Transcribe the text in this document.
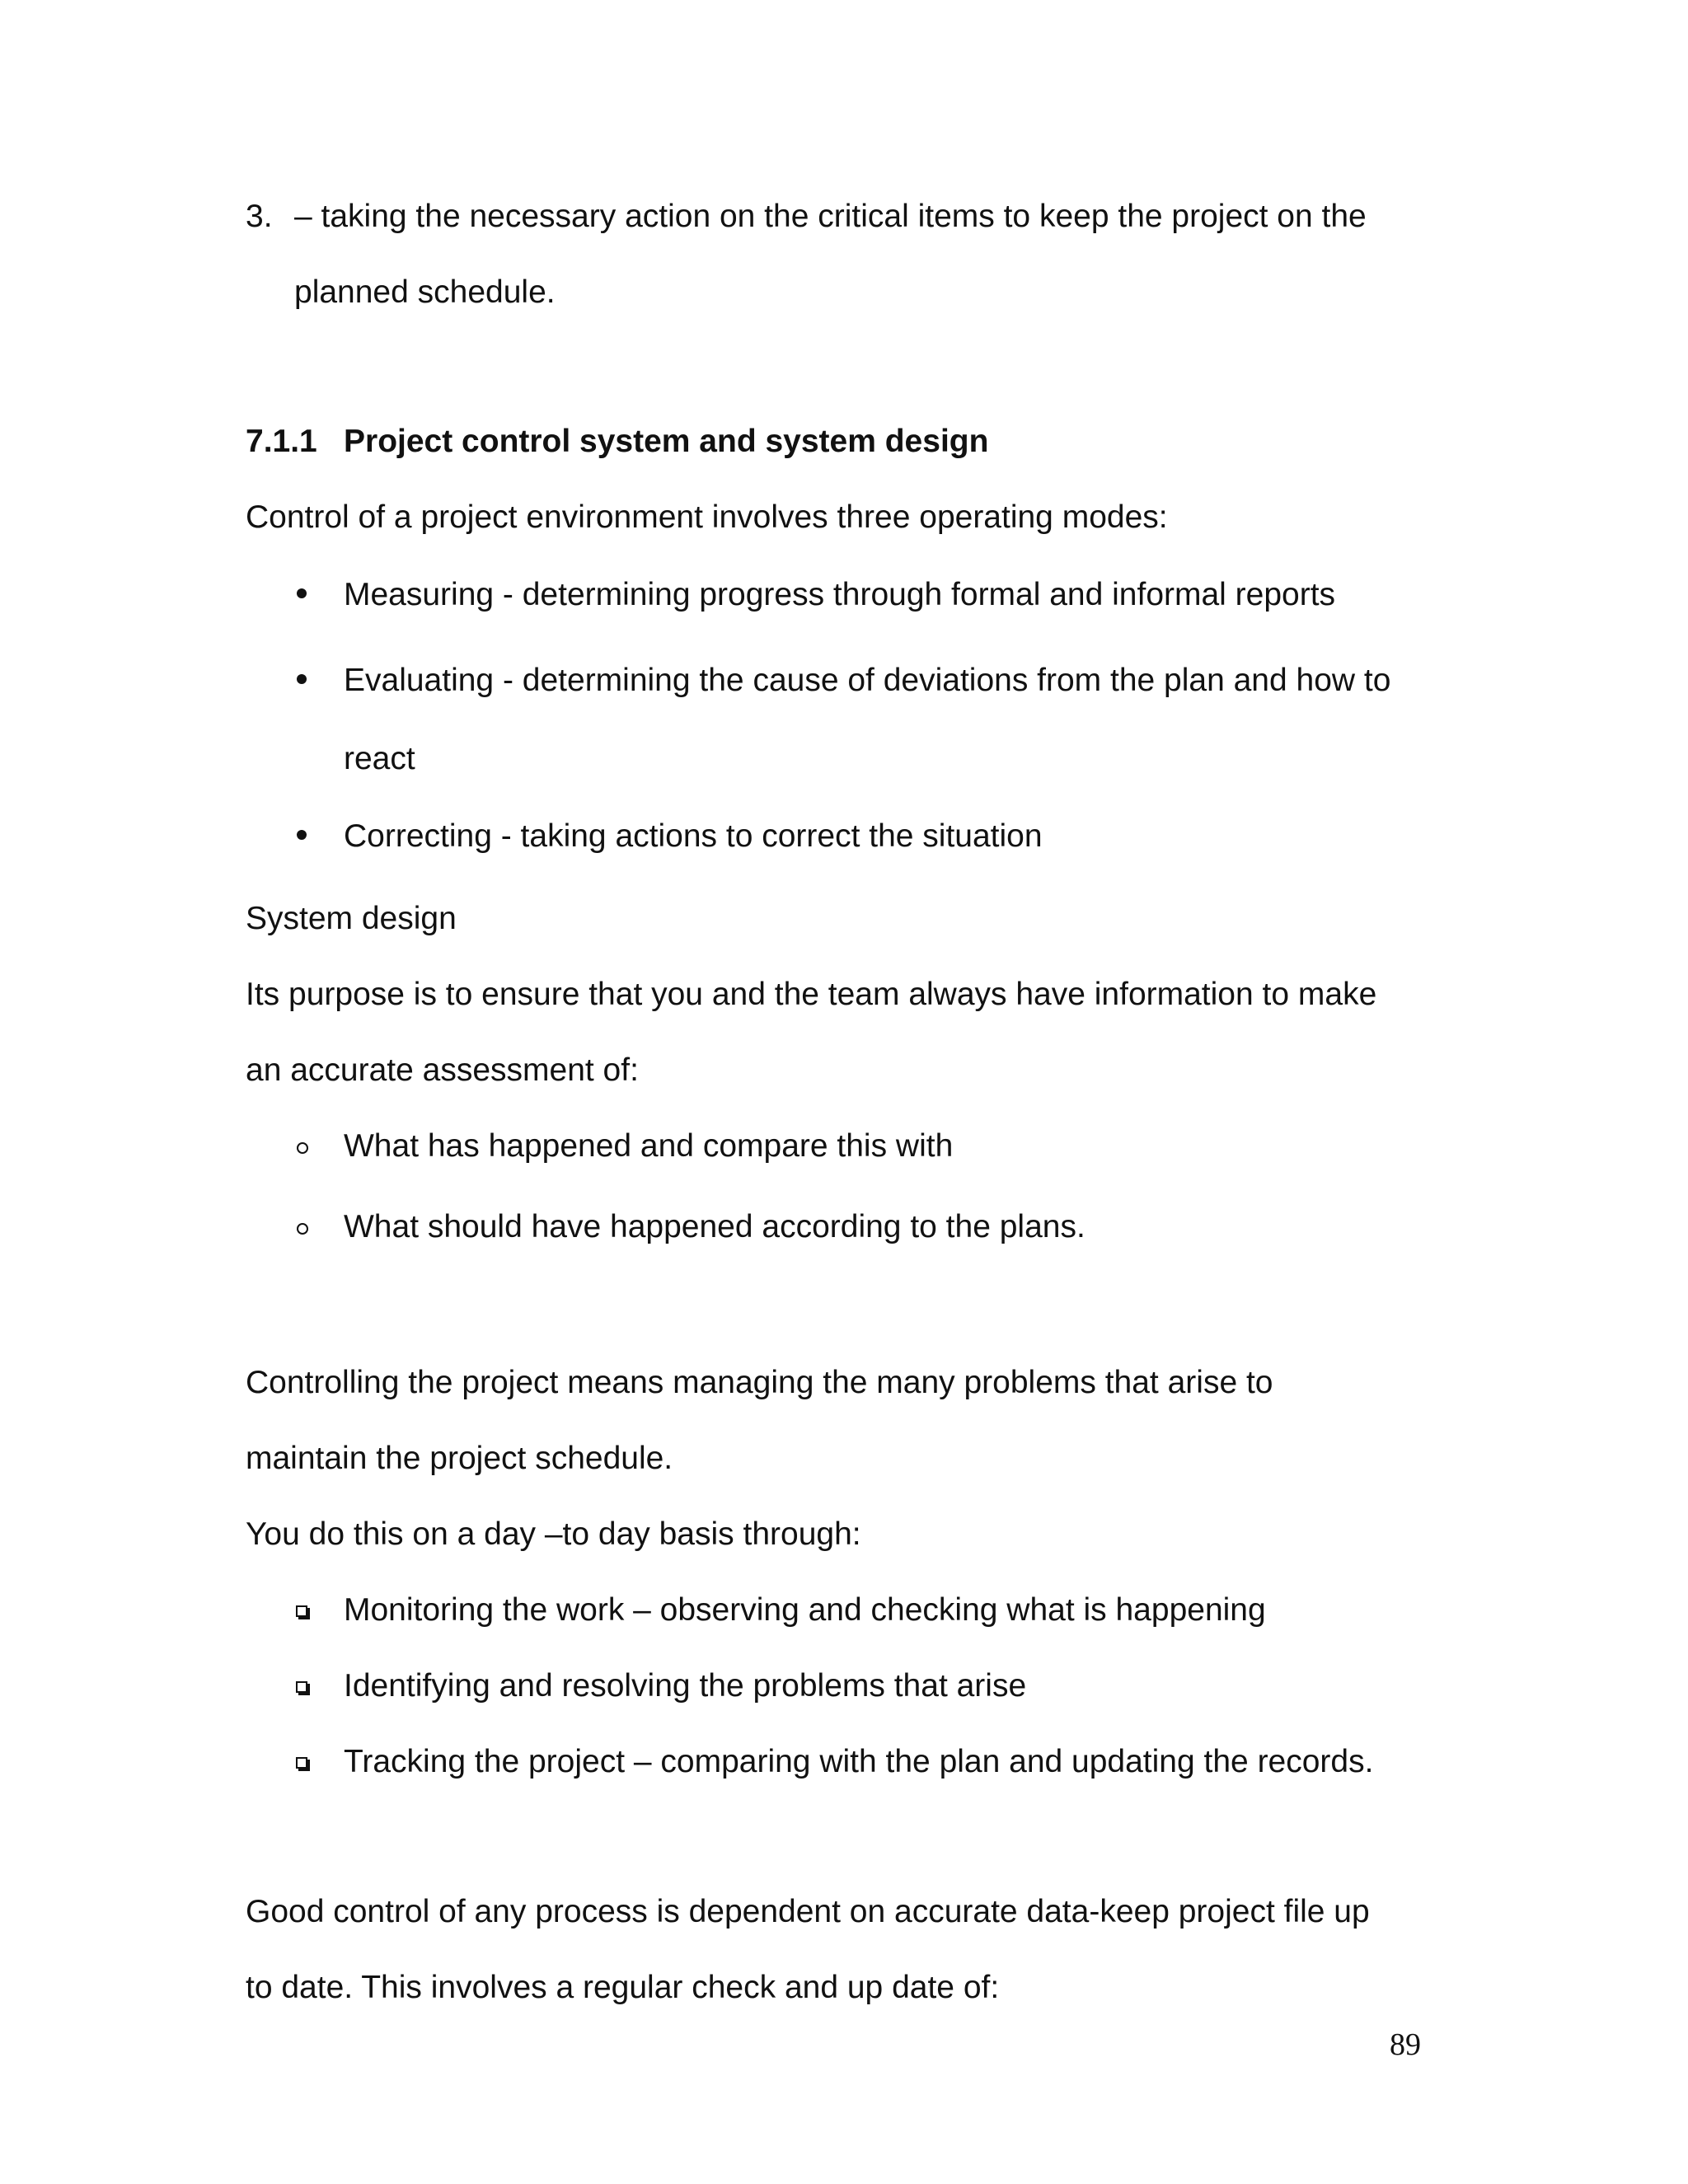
3. – taking the necessary action on the critical items to keep the project on the
planned schedule.
7.1.1 Project control system and system design
Control of a project environment involves three operating modes:
Measuring - determining progress through formal and informal reports
Evaluating - determining the cause of deviations from the plan and how to
react
Correcting - taking actions to correct the situation
System design
Its purpose is to ensure that you and the team always have information to make
an accurate assessment of:
What has happened and compare this with
What should have happened according to the plans.
Controlling the project means managing the many problems that arise to
maintain the project schedule.
You do this on a day –to day basis through:
Monitoring the work – observing and checking what is happening
Identifying and resolving the problems that arise
Tracking the project – comparing with the plan and updating the records.
Good control of any process is dependent on accurate data-keep project file up
to date. This involves a regular check and up date of:
89
